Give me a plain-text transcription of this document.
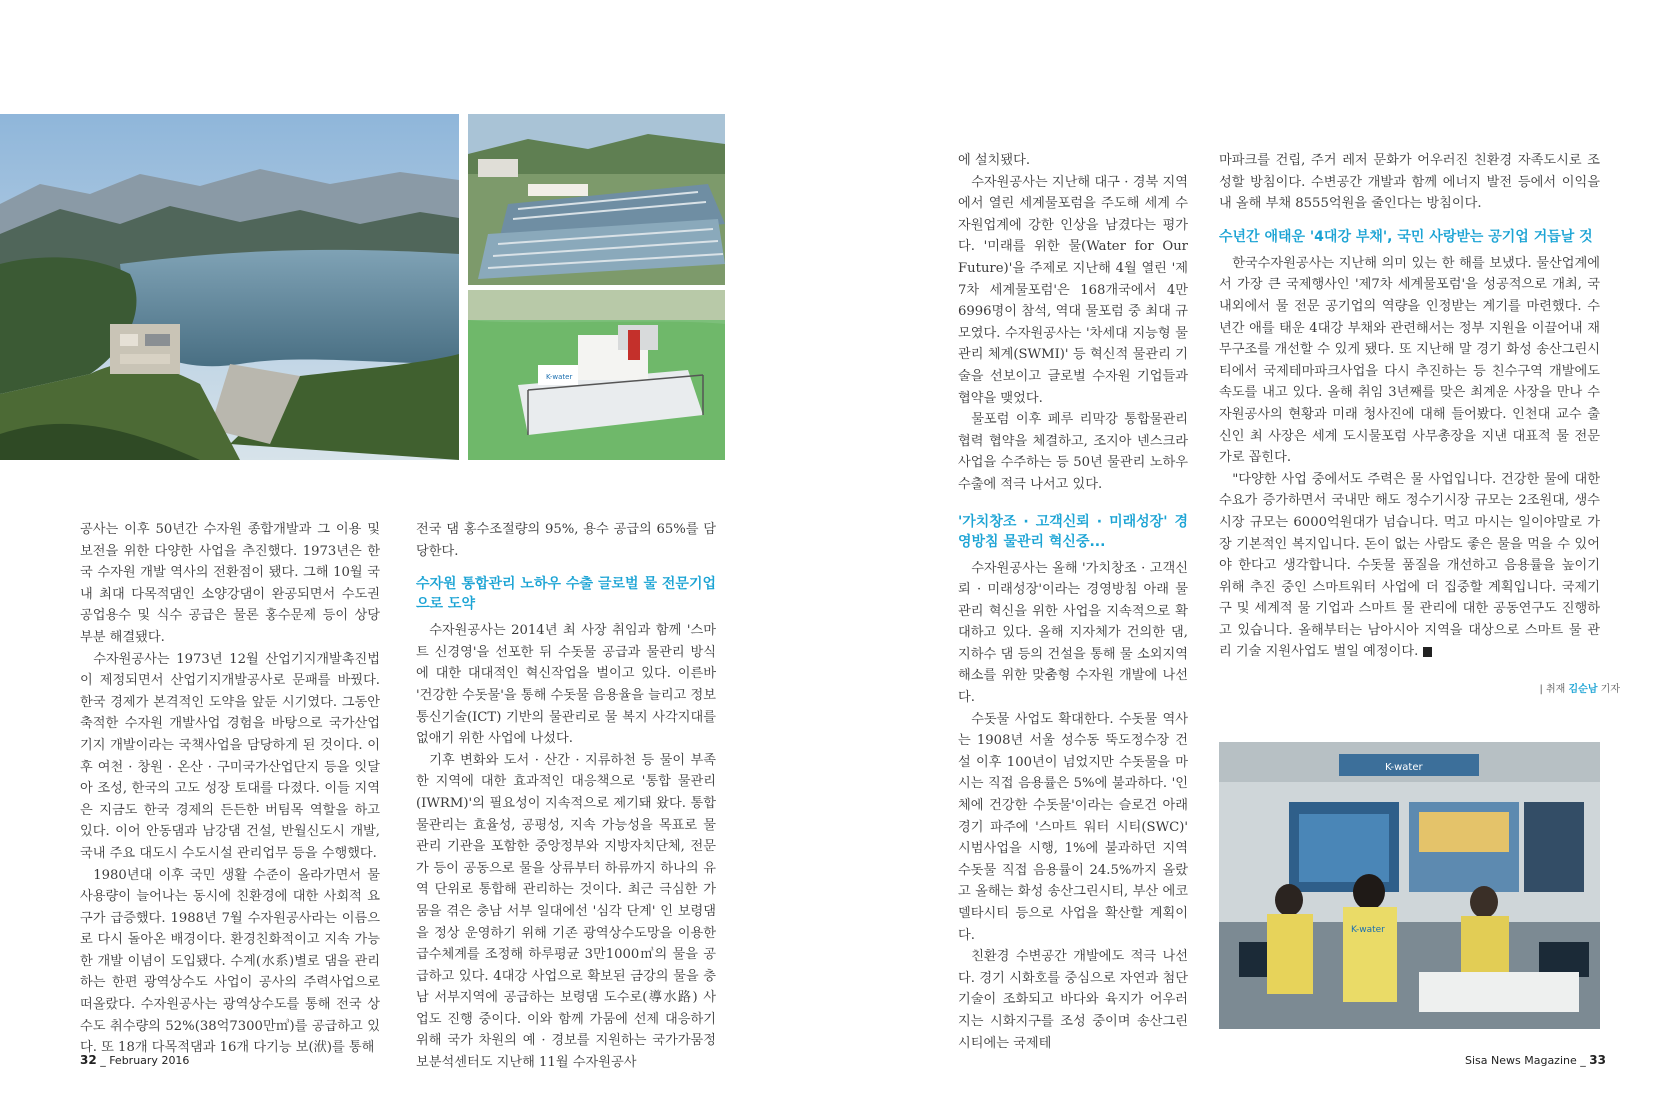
K-water
K-water
K-water

공사는 이후 50년간 수자원 종합개발과 그 이용 및 보전을 위한 다양한 사업을 추진했다. 1973년은 한국 수자원 개발 역사의 전환점이 됐다. 그해 10월 국내 최대 다목적댐인 소양강댐이 완공되면서 수도권 공업용수 및 식수 공급은 물론 홍수문제 등이 상당 부분 해결됐다.

수자원공사는 1973년 12월 산업기지개발촉진법이 제정되면서 산업기지개발공사로 문패를 바꿨다. 한국 경제가 본격적인 도약을 앞둔 시기였다. 그동안 축적한 수자원 개발사업 경험을 바탕으로 국가산업기지 개발이라는 국책사업을 담당하게 된 것이다. 이후 여천 · 창원 · 온산 · 구미국가산업단지 등을 잇달아 조성, 한국의 고도 성장 토대를 다졌다. 이들 지역은 지금도 한국 경제의 든든한 버팀목 역할을 하고 있다. 이어 안동댐과 남강댐 건설, 반월신도시 개발, 국내 주요 대도시 수도시설 관리업무 등을 수행했다.

1980년대 이후 국민 생활 수준이 올라가면서 물 사용량이 늘어나는 동시에 친환경에 대한 사회적 요구가 급증했다. 1988년 7월 수자원공사라는 이름으로 다시 돌아온 배경이다. 환경친화적이고 지속 가능한 개발 이념이 도입됐다. 수계(水系)별로 댐을 관리하는 한편 광역상수도 사업이 공사의 주력사업으로 떠올랐다. 수자원공사는 광역상수도를 통해 전국 상수도 취수량의 52%(38억7300만㎥)를 공급하고 있다. 또 18개 다목적댐과 16개 다기능 보(洑)를 통해

전국 댐 홍수조절량의 95%, 용수 공급의 65%를 담당한다.

수자원 통합관리 노하우 수출 글로벌 물 전문기업으로 도약

수자원공사는 2014년 최 사장 취임과 함께 '스마트 신경영'을 선포한 뒤 수돗물 공급과 물관리 방식에 대한 대대적인 혁신작업을 벌이고 있다. 이른바 '건강한 수돗물'을 통해 수돗물 음용율을 늘리고 정보통신기술(ICT) 기반의 물관리로 물 복지 사각지대를 없애기 위한 사업에 나섰다.

기후 변화와 도서 · 산간 · 지류하천 등 물이 부족한 지역에 대한 효과적인 대응책으로 '통합 물관리(IWRM)'의 필요성이 지속적으로 제기돼 왔다. 통합 물관리는 효율성, 공평성, 지속 가능성을 목표로 물관리 기관을 포함한 중앙정부와 지방자치단체, 전문가 등이 공동으로 물을 상류부터 하류까지 하나의 유역 단위로 통합해 관리하는 것이다. 최근 극심한 가뭄을 겪은 충남 서부 일대에선 '심각 단계' 인 보령댐을 정상 운영하기 위해 기존 광역상수도망을 이용한 급수체계를 조정해 하루평균 3만1000㎥의 물을 공급하고 있다. 4대강 사업으로 확보된 금강의 물을 충남 서부지역에 공급하는 보령댐 도수로(導水路) 사업도 진행 중이다. 이와 함께 가뭄에 선제 대응하기 위해 국가 차원의 예 · 경보를 지원하는 국가가뭄정보분석센터도 지난해 11월 수자원공사

에 설치됐다.

수자원공사는 지난해 대구 · 경북 지역에서 열린 세계물포럼을 주도해 세계 수자원업계에 강한 인상을 남겼다는 평가다. '미래를 위한 물(Water for Our Future)'을 주제로 지난해 4월 열린 '제7차 세계물포럼'은 168개국에서 4만6996명이 참석, 역대 물포럼 중 최대 규모였다. 수자원공사는 '차세대 지능형 물관리 체계(SWMI)' 등 혁신적 물관리 기술을 선보이고 글로벌 수자원 기업들과 협약을 맺었다.

물포럼 이후 페루 리막강 통합물관리 협력 협약을 체결하고, 조지아 넨스크라 사업을 수주하는 등 50년 물관리 노하우 수출에 적극 나서고 있다.

'가치창조 · 고객신뢰 · 미래성장' 경영방침 물관리 혁신중...

수자원공사는 올해 '가치창조 · 고객신뢰 · 미래성장'이라는 경영방침 아래 물관리 혁신을 위한 사업을 지속적으로 확대하고 있다. 올해 지자체가 건의한 댐, 지하수 댐 등의 건설을 통해 물 소외지역 해소를 위한 맞춤형 수자원 개발에 나선다.

수돗물 사업도 확대한다. 수돗물 역사는 1908년 서울 성수동 뚝도정수장 건설 이후 100년이 넘었지만 수돗물을 마시는 직접 음용률은 5%에 불과하다. '인체에 건강한 수돗물'이라는 슬로건 아래 경기 파주에 '스마트 워터 시티(SWC)' 시범사업을 시행, 1%에 불과하던 지역 수돗물 직접 음용률이 24.5%까지 올랐고 올해는 화성 송산그린시티, 부산 에코델타시티 등으로 사업을 확산할 계획이다.

친환경 수변공간 개발에도 적극 나선다. 경기 시화호를 중심으로 자연과 첨단기술이 조화되고 바다와 육지가 어우러지는 시화지구를 조성 중이며 송산그린시티에는 국제테

마파크를 건립, 주거 레저 문화가 어우러진 친환경 자족도시로 조성할 방침이다. 수변공간 개발과 함께 에너지 발전 등에서 이익을 내 올해 부채 8555억원을 줄인다는 방침이다.

수년간 애태운 '4대강 부채', 국민 사랑받는 공기업 거듭날 것

한국수자원공사는 지난해 의미 있는 한 해를 보냈다. 물산업계에서 가장 큰 국제행사인 '제7차 세계물포럼'을 성공적으로 개최, 국내외에서 물 전문 공기업의 역량을 인정받는 계기를 마련했다. 수년간 애를 태운 4대강 부채와 관련해서는 정부 지원을 이끌어내 재무구조를 개선할 수 있게 됐다. 또 지난해 말 경기 화성 송산그린시티에서 국제테마파크사업을 다시 추진하는 등 친수구역 개발에도 속도를 내고 있다. 올해 취임 3년째를 맞은 최계운 사장을 만나 수자원공사의 현황과 미래 청사진에 대해 들어봤다. 인천대 교수 출신인 최 사장은 세계 도시물포럼 사무총장을 지낸 대표적 물 전문가로 꼽힌다.

"다양한 사업 중에서도 주력은 물 사업입니다. 건강한 물에 대한 수요가 증가하면서 국내만 해도 정수기시장 규모는 2조원대, 생수시장 규모는 6000억원대가 넘습니다. 먹고 마시는 일이야말로 가장 기본적인 복지입니다. 돈이 없는 사람도 좋은 물을 먹을 수 있어야 한다고 생각합니다. 수돗물 품질을 개선하고 음용률을 높이기 위해 추진 중인 스마트워터 사업에 더 집중할 계획입니다. 국제기구 및 세계적 물 기업과 스마트 물 관리에 대한 공동연구도 진행하고 있습니다. 올해부터는 남아시아 지역을 대상으로 스마트 물 관리 기술 지원사업도 벌일 예정이다.

| 취재 김순남 기자
32 _ February 2016	Sisa News Magazine _ 33
